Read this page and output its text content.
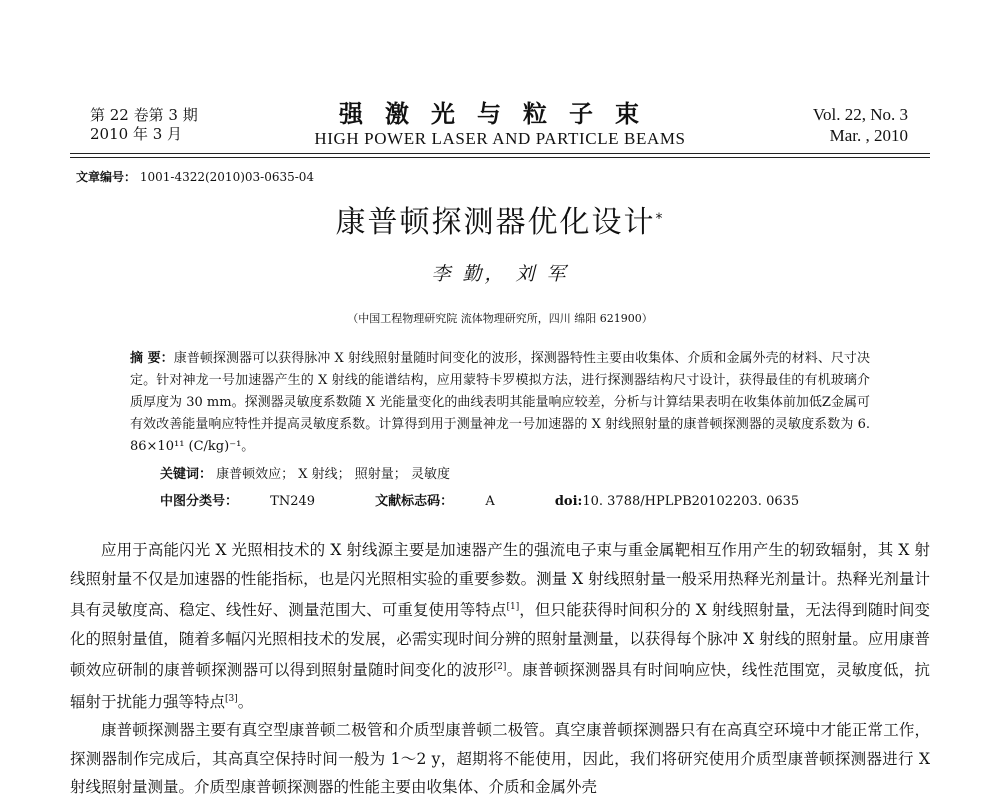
第 22 卷第 3 期
2010 年 3 月
强激光与粒子束
HIGH POWER LASER AND PARTICLE BEAMS
Vol. 22, No. 3
Mar. , 2010
文章编号： 1001-4322(2010)03-0635-04
康普顿探测器优化设计*
李 勤， 刘 军
（中国工程物理研究院 流体物理研究所，四川 绵阳 621900）
摘 要：康普顿探测器可以获得脉冲 X 射线照射量随时间变化的波形，探测器特性主要由收集体、介质和金属外壳的材料、尺寸决定。针对神龙一号加速器产生的 X 射线的能谱结构，应用蒙特卡罗模拟方法，进行探测器结构尺寸设计，获得最佳的有机玻璃介质厚度为 30 mm。探测器灵敏度系数随 X 光能量变化的曲线表明其能量响应较差，分析与计算结果表明在收集体前加低Z金属可有效改善能量响应特性并提高灵敏度系数。计算得到用于测量神龙一号加速器的 X 射线照射量的康普顿探测器的灵敏度系数为 6. 86×10¹¹ (C/kg)⁻¹。
关键词： 康普顿效应； X 射线； 照射量； 灵敏度
中图分类号： TN249	文献标志码： A	doi:10. 3788/HPLPB20102203. 0635

应用于高能闪光 X 光照相技术的 X 射线源主要是加速器产生的强流电子束与重金属靶相互作用产生的轫致辐射，其 X 射线照射量不仅是加速器的性能指标，也是闪光照相实验的重要参数。测量 X 射线照射量一般采用热释光剂量计。热释光剂量计具有灵敏度高、稳定、线性好、测量范围大、可重复使用等特点[1]，但只能获得时间积分的 X 射线照射量，无法得到随时间变化的照射量值，随着多幅闪光照相技术的发展，必需实现时间分辨的照射量测量，以获得每个脉冲 X 射线的照射量。应用康普顿效应研制的康普顿探测器可以得到照射量随时间变化的波形[2]。康普顿探测器具有时间响应快，线性范围宽，灵敏度低，抗辐射于扰能力强等特点[3]。

康普顿探测器主要有真空型康普顿二极管和介质型康普顿二极管。真空康普顿探测器只有在高真空环境中才能正常工作，探测器制作完成后，其高真空保持时间一般为 1～2 y，超期将不能使用，因此，我们将研究使用介质型康普顿探测器进行 X 射线照射量测量。介质型康普顿探测器的性能主要由收集体、介质和金属外壳
